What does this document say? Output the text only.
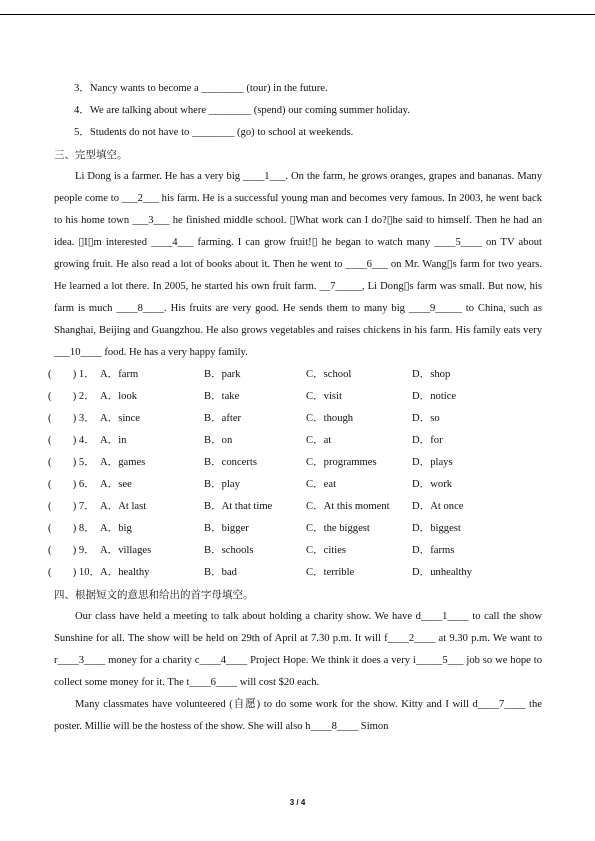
3．Nancy wants to become a ________ (tour) in the future.
4．We are talking about where ________ (spend) our coming summer holiday.
5．Students do not have to ________ (go) to school at weekends.
三、完型填空。

Li Dong is a farmer. He has a very big ____1___. On the farm, he grows oranges, grapes and bananas. Many people come to ___2___ his farm. He is a successful young man and becomes very famous. In 2003, he went back to his home town ___3___ he finished middle school. ▯What work can I do?▯he said to himself. Then he had an idea. ▯I▯m interested ____4___ farming. I can grow fruit!▯ he began to watch many ____5____ on TV about growing fruit. He also read a lot of books about it. Then he went to ____6___ on Mr. Wang▯s farm for two years. He learned a lot there. In 2005, he started his own fruit farm. __7_____, Li Dong▯s farm was small. But now, his farm is much ____8____. His fruits are very good. He sends them to many big ____9_____ to China, such as Shanghai, Beijing and Guangzhou. He also grows vegetables and raises chickens in his farm. His family eats very ___10____ food. He has a very happy family.

(　　) 1． A．farm	B．park	C．school	D．shop
(　　) 2． A．look	B．take	C．visit	D．notice
(　　) 3． A．since	B．after	C．though	D．so
(　　) 4． A．in	B．on	C．at	D．for
(　　) 5． A．games	B．concerts	C．programmes	D．plays
(　　) 6． A．see	B．play	C．eat	D．work
(　　) 7． A．At last	B．At that time	C．At this moment D．At once
(　　) 8． A．big	B．bigger	C．the biggest	D．biggest
(　　) 9． A．villages	B．schools	C．cities	D．farms
(　　) 10． A．healthy	B．bad	C．terrible	D．unhealthy
四、根据短文的意思和给出的首字母填空。

Our class have held a meeting to talk about holding a charity show. We have d____1____ to call the show Sunshine for all. The show will be held on 29th of April at 7.30 p.m. It will f____2____ at 9.30 p.m. We want to r____3____ money for a charity c____4____ Project Hope. We think it does a very i_____5___ job so we hope to collect some money for it. The t____6____ will cost $20 each.

Many classmates have volunteered (自愿) to do some work for the show. Kitty and I will d____7____ the poster. Millie will be the hostess of the show. She will also h____8____ Simon

3 / 4
